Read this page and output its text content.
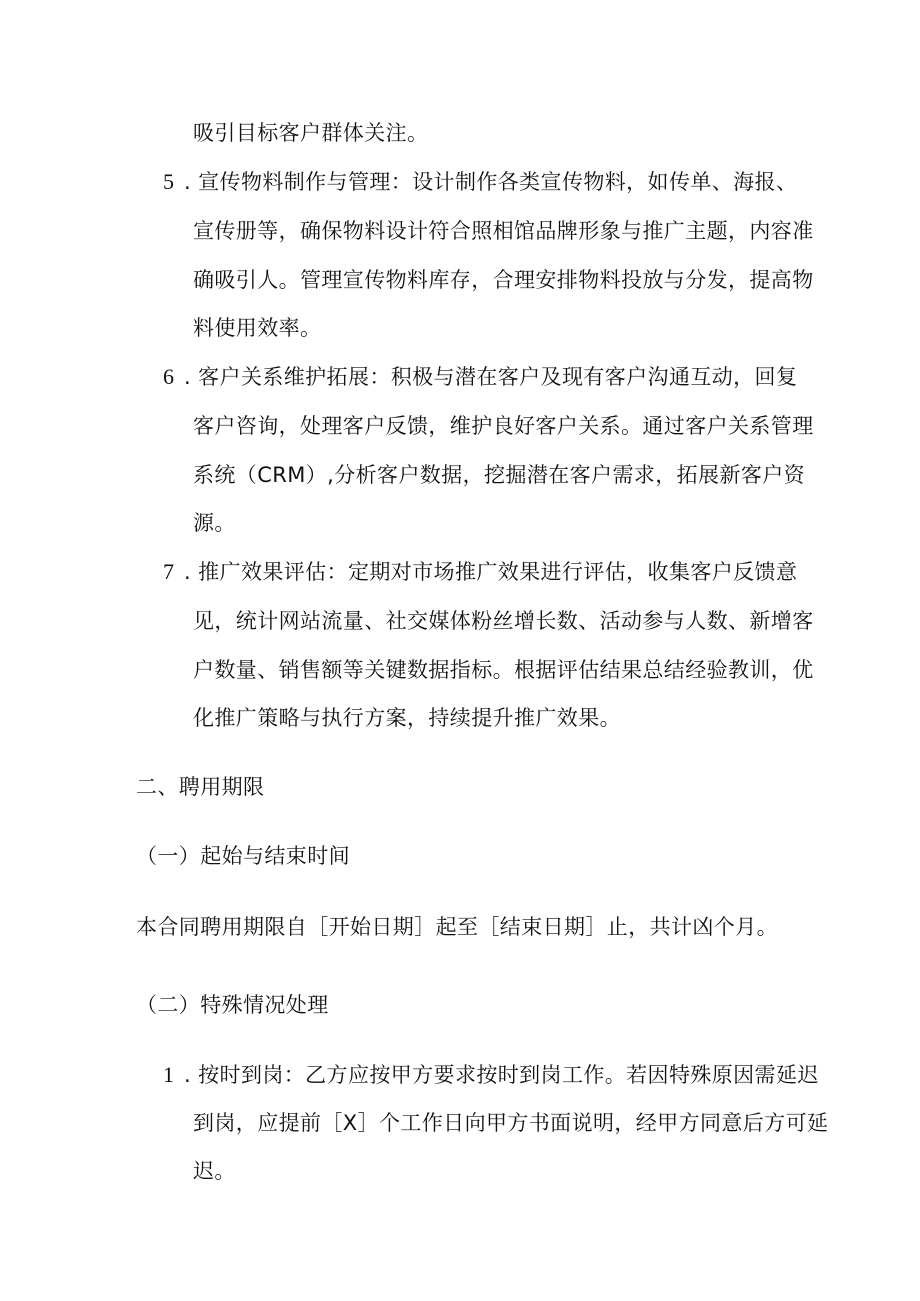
吸引目标客户群体关注。
5 . 宣传物料制作与管理：设计制作各类宣传物料，如传单、海报、
宣传册等，确保物料设计符合照相馆品牌形象与推广主题，内容准
确吸引人。管理宣传物料库存，合理安排物料投放与分发，提高物
料使用效率。
6 . 客户关系维护拓展：积极与潜在客户及现有客户沟通互动，回复
客户咨询，处理客户反馈，维护良好客户关系。通过客户关系管理
系统（CRM）,分析客户数据，挖掘潜在客户需求，拓展新客户资
源。
7 . 推广效果评估：定期对市场推广效果进行评估，收集客户反馈意
见，统计网站流量、社交媒体粉丝增长数、活动参与人数、新增客
户数量、销售额等关键数据指标。根据评估结果总结经验教训，优
化推广策略与执行方案，持续提升推广效果。
二、聘用期限
（一）起始与结束时间
本合同聘用期限自［开始日期］起至［结束日期］止，共计凶个月。
（二）特殊情况处理
1 . 按时到岗：乙方应按甲方要求按时到岗工作。若因特殊原因需延迟
到岗，应提前［X］个工作日向甲方书面说明，经甲方同意后方可延
迟。
